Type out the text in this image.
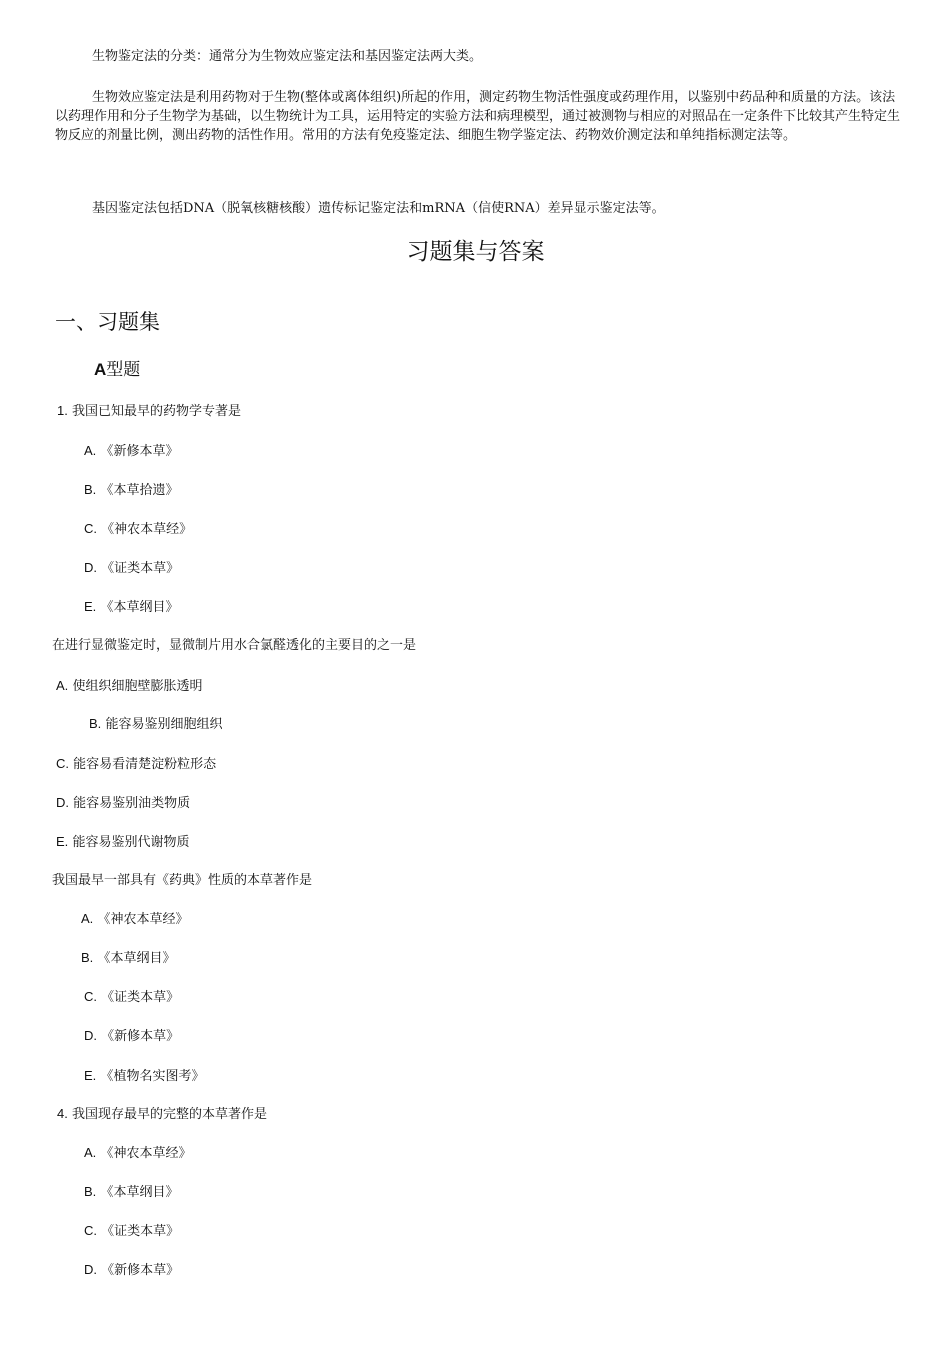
生物鉴定法的分类：通常分为生物效应鉴定法和基因鉴定法两大类。

生物效应鉴定法是利用药物对于生物(整体或离体组织)所起的作用，测定药物生物活性强度或药理作用，以鉴别中药品种和质量的方法。该法以药理作用和分子生物学为基础，以生物统计为工具，运用特定的实验方法和病理模型，通过被测物与相应的对照品在一定条件下比较其产生特定生物反应的剂量比例，测出药物的活性作用。常用的方法有免疫鉴定法、细胞生物学鉴定法、药物效价测定法和单纯指标测定法等。

基因鉴定法包括DNA（脱氧核糖核酸）遗传标记鉴定法和mRNA（信使RNA）差异显示鉴定法等。

习题集与答案
一、习题集
A型题
1. 我国已知最早的药物学专著是
A. 《新修本草》
B. 《本草拾遗》
C. 《神农本草经》
D. 《证类本草》
E. 《本草纲目》
在进行显微鉴定时，显微制片用水合氯醛透化的主要目的之一是
A. 使组织细胞壁膨胀透明
B. 能容易鉴别细胞组织
C. 能容易看清楚淀粉粒形态
D. 能容易鉴别油类物质
E. 能容易鉴别代谢物质
我国最早一部具有《药典》性质的本草著作是
A. 《神农本草经》
B. 《本草纲目》
C. 《证类本草》
D. 《新修本草》
E. 《植物名实图考》
4. 我国现存最早的完整的本草著作是
A. 《神农本草经》
B. 《本草纲目》
C. 《证类本草》
D. 《新修本草》
